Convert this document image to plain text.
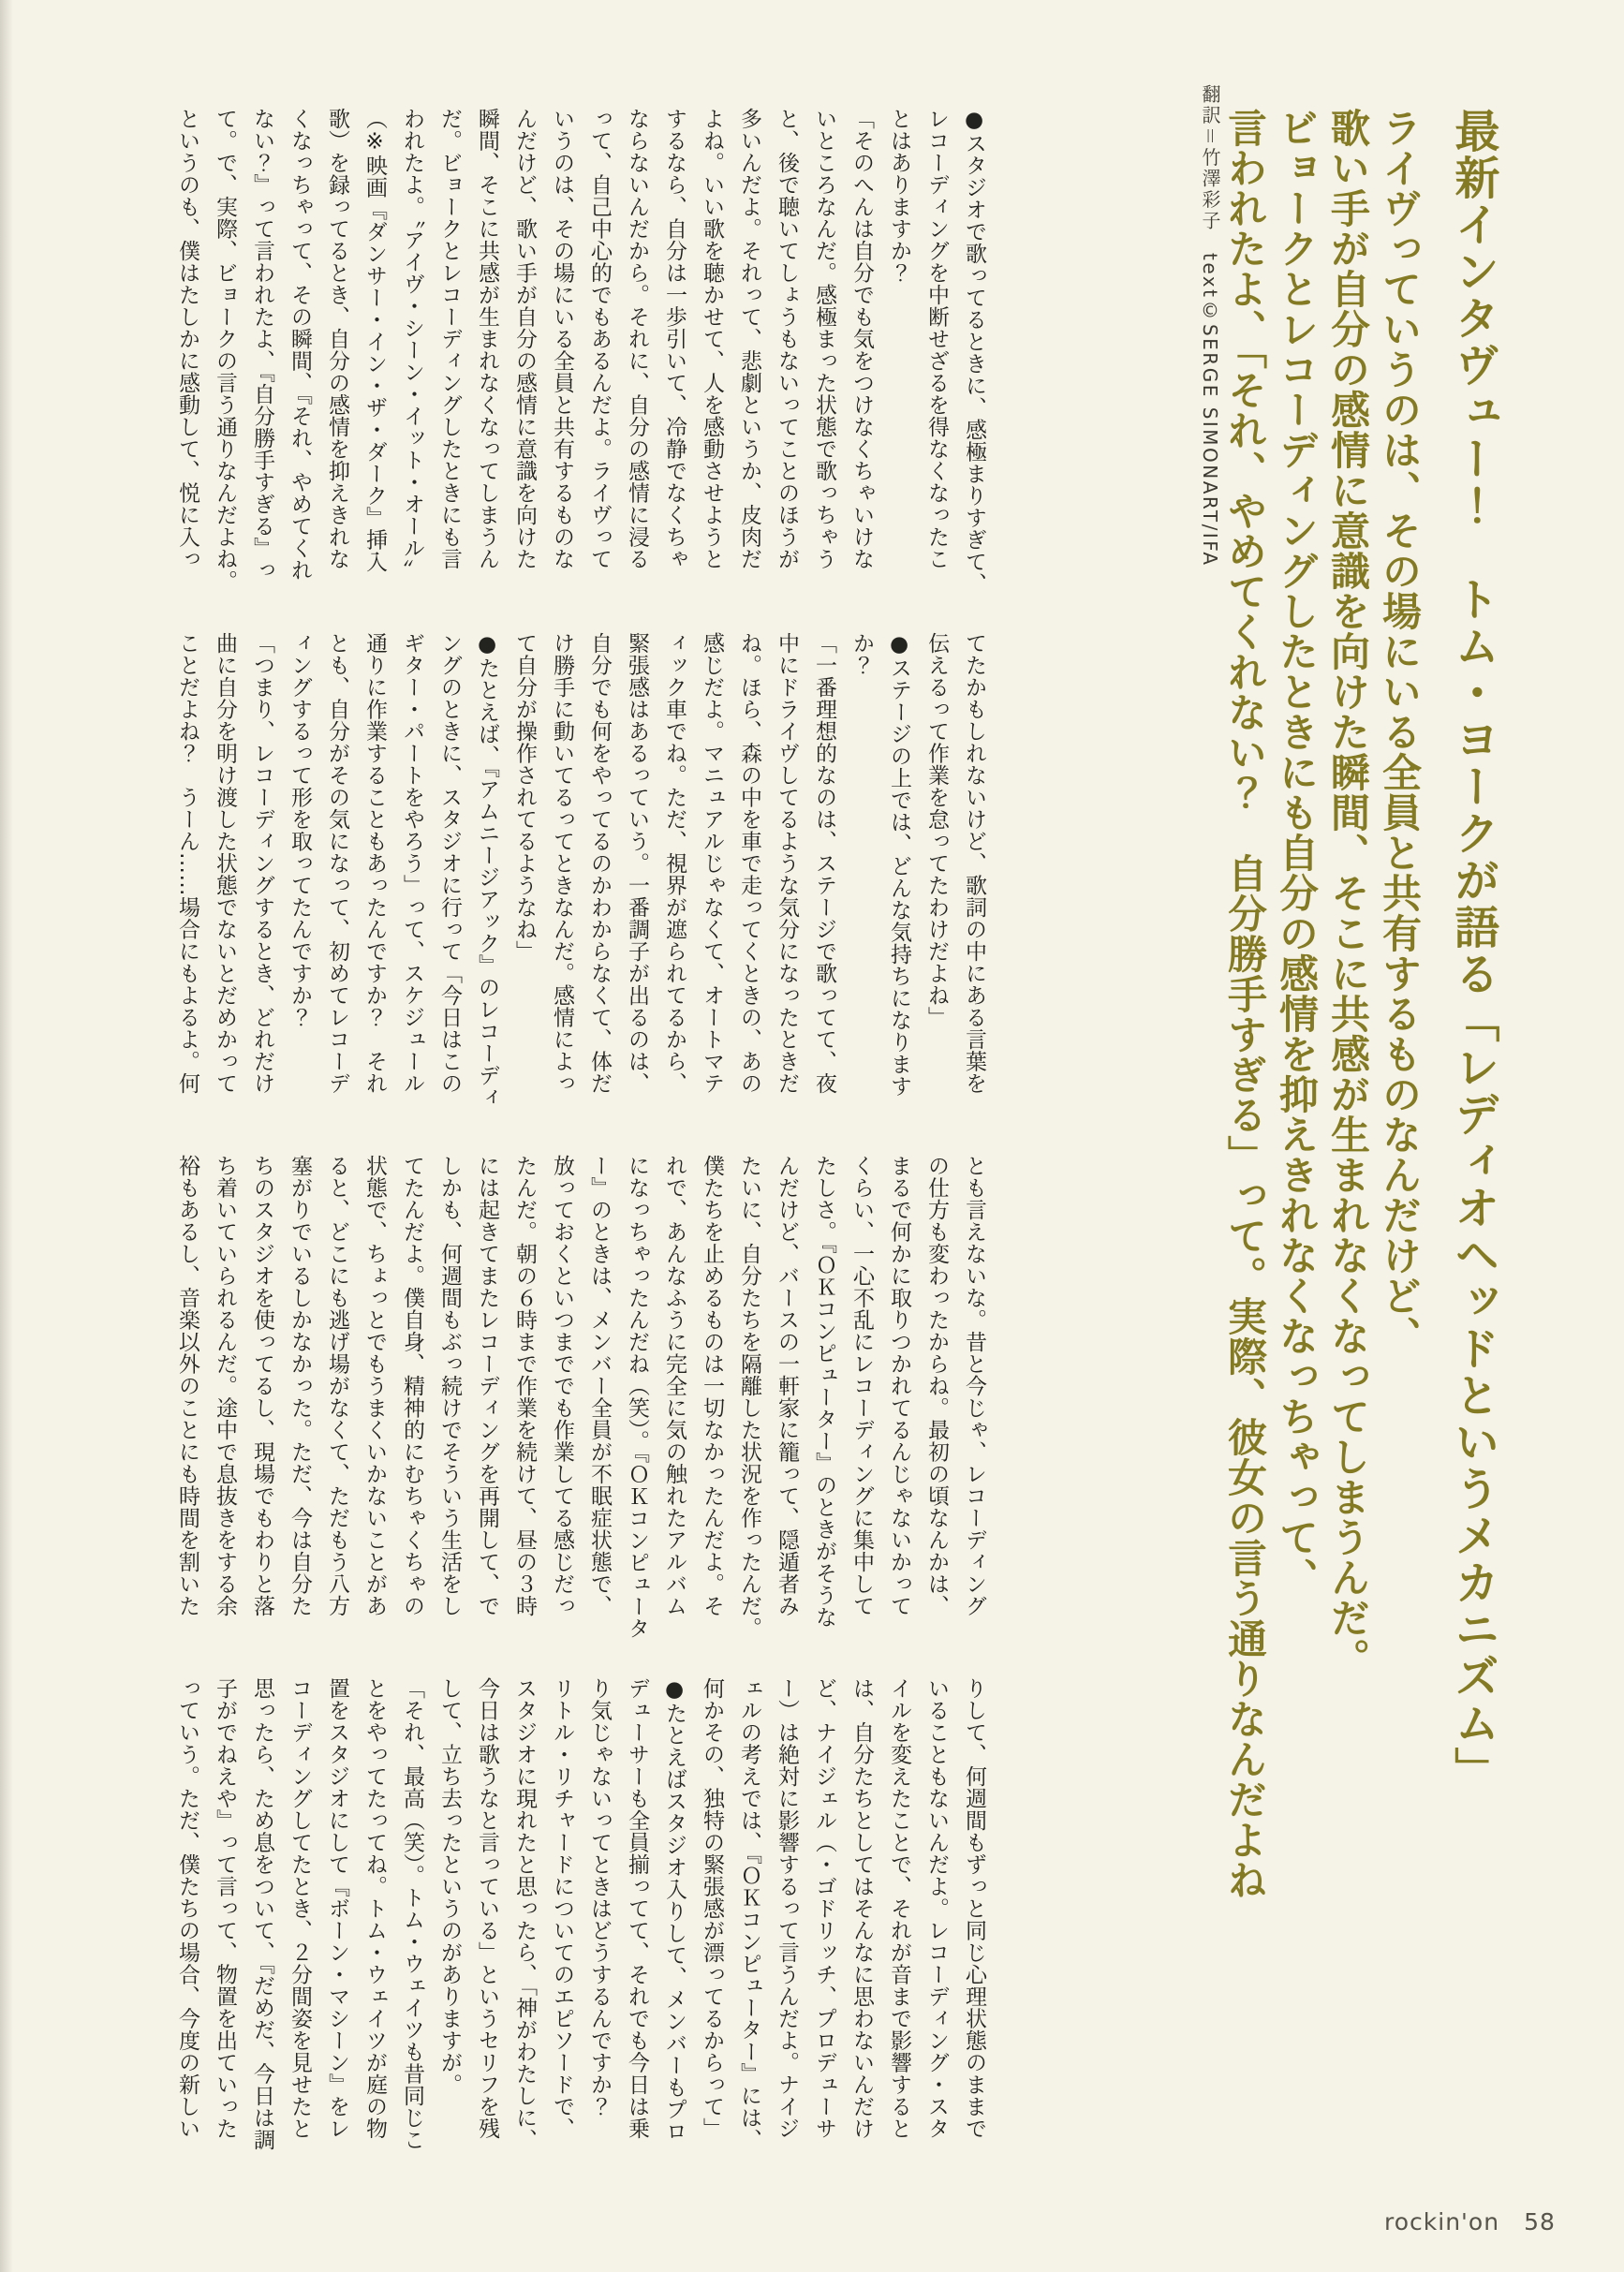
最新インタヴュー！　トム・ヨークが語る「レディオヘッドというメカニズム」

ライヴっていうのは、その場にいる全員と共有するものなんだけど、

歌い手が自分の感情に意識を向けた瞬間、そこに共感が生まれなくなってしまうんだ。

ビョークとレコーディングしたときにも自分の感情を抑えきれなくなっちゃって、

言われたよ、「それ、やめてくれない？　自分勝手すぎる」って。実際、彼女の言う通りなんだよね

翻訳＝竹澤彩子　text©SERGE SIMONART/IFA

●スタジオで歌ってるときに、感極まりすぎて、

レコーディングを中断せざるを得なくなったこ

とはありますか？

「そのへんは自分でも気をつけなくちゃいけな

いところなんだ。感極まった状態で歌っちゃう

と、後で聴いてしょうもないってことのほうが

多いんだよ。それって、悲劇というか、皮肉だ

よね。いい歌を聴かせて、人を感動させようと

するなら、自分は一歩引いて、冷静でなくちゃ

ならないんだから。それに、自分の感情に浸る

って、自己中心的でもあるんだよ。ライヴって

いうのは、その場にいる全員と共有するものな

んだけど、歌い手が自分の感情に意識を向けた

瞬間、そこに共感が生まれなくなってしまうん

だ。ビョークとレコーディングしたときにも言

われたよ。〝アイヴ・シーン・イット・オール〟

（※映画『ダンサー・イン・ザ・ダーク』挿入

歌）を録ってるとき、自分の感情を抑えきれな

くなっちゃって、その瞬間、『それ、やめてくれ

ない？』って言われたよ、『自分勝手すぎる』っ

て。で、実際、ビョークの言う通りなんだよね。

というのも、僕はたしかに感動して、悦に入っ

てたかもしれないけど、歌詞の中にある言葉を

伝えるって作業を怠ってたわけだよね」

●ステージの上では、どんな気持ちになります

か？

「一番理想的なのは、ステージで歌ってて、夜

中にドライヴしてるような気分になったときだ

ね。ほら、森の中を車で走ってくときの、あの

感じだよ。マニュアルじゃなくて、オートマテ

ィック車でね。ただ、視界が遮られてるから、

緊張感はあるっていう。一番調子が出るのは、

自分でも何をやってるのかわからなくて、体だ

け勝手に動いてるってときなんだ。感情によっ

て自分が操作されてるようなね」

●たとえば、『アムニージアック』のレコーディ

ングのときに、スタジオに行って「今日はこの

ギター・パートをやろう」って、スケジュール

通りに作業することもあったんですか？　それ

とも、自分がその気になって、初めてレコーデ

ィングするって形を取ってたんですか？

「つまり、レコーディングするとき、どれだけ

曲に自分を明け渡した状態でないとだめかって

ことだよね？　うーん……場合にもよるよ。何

とも言えないな。昔と今じゃ、レコーディング

の仕方も変わったからね。最初の頃なんかは、

まるで何かに取りつかれてるんじゃないかって

くらい、一心不乱にレコーディングに集中して

たしさ。『ＯＫコンピューター』のときがそうな

んだけど、バースの一軒家に籠って、隠遁者み

たいに、自分たちを隔離した状況を作ったんだ。

僕たちを止めるものは一切なかったんだよ。そ

れで、あんなふうに完全に気の触れたアルバム

になっちゃったんだね（笑）。『ＯＫコンピュータ

ー』のときは、メンバー全員が不眠症状態で、

放っておくといつまででも作業してる感じだっ

たんだ。朝の６時まで作業を続けて、昼の３時

には起きてまたレコーディングを再開して、で

しかも、何週間もぶっ続けでそういう生活をし

てたんだよ。僕自身、精神的にむちゃくちゃの

状態で、ちょっとでもうまくいかないことがあ

ると、どこにも逃げ場がなくて、ただもう八方

塞がりでいるしかなかった。ただ、今は自分た

ちのスタジオを使ってるし、現場でもわりと落

ち着いていられるんだ。途中で息抜きをする余

裕もあるし、音楽以外のことにも時間を割いた

りして、何週間もずっと同じ心理状態のままで

いることもないんだよ。レコーディング・スタ

イルを変えたことで、それが音まで影響すると

は、自分たちとしてはそんなに思わないんだけ

ど、ナイジェル（・ゴドリッチ、プロデューサ

ー）は絶対に影響するって言うんだよ。ナイジ

ェルの考えでは、『ＯＫコンピューター』には、

何かその、独特の緊張感が漂ってるからって」

●たとえばスタジオ入りして、メンバーもプロ

デューサーも全員揃ってて、それでも今日は乗

り気じゃないってときはどうするんですか？

リトル・リチャードについてのエピソードで、

スタジオに現れたと思ったら、「神がわたしに、

今日は歌うなと言っている」というセリフを残

して、立ち去ったというのがありますが。

「それ、最高（笑）。トム・ウェイツも昔同じこ

とをやってたってね。トム・ウェイツが庭の物

置をスタジオにして『ボーン・マシーン』をレ

コーディングしてたとき、２分間姿を見せたと

思ったら、ため息をついて、『だめだ、今日は調

子がでねえや』って言って、物置を出ていった

っていう。ただ、僕たちの場合、今度の新しい

rockin'on 58
